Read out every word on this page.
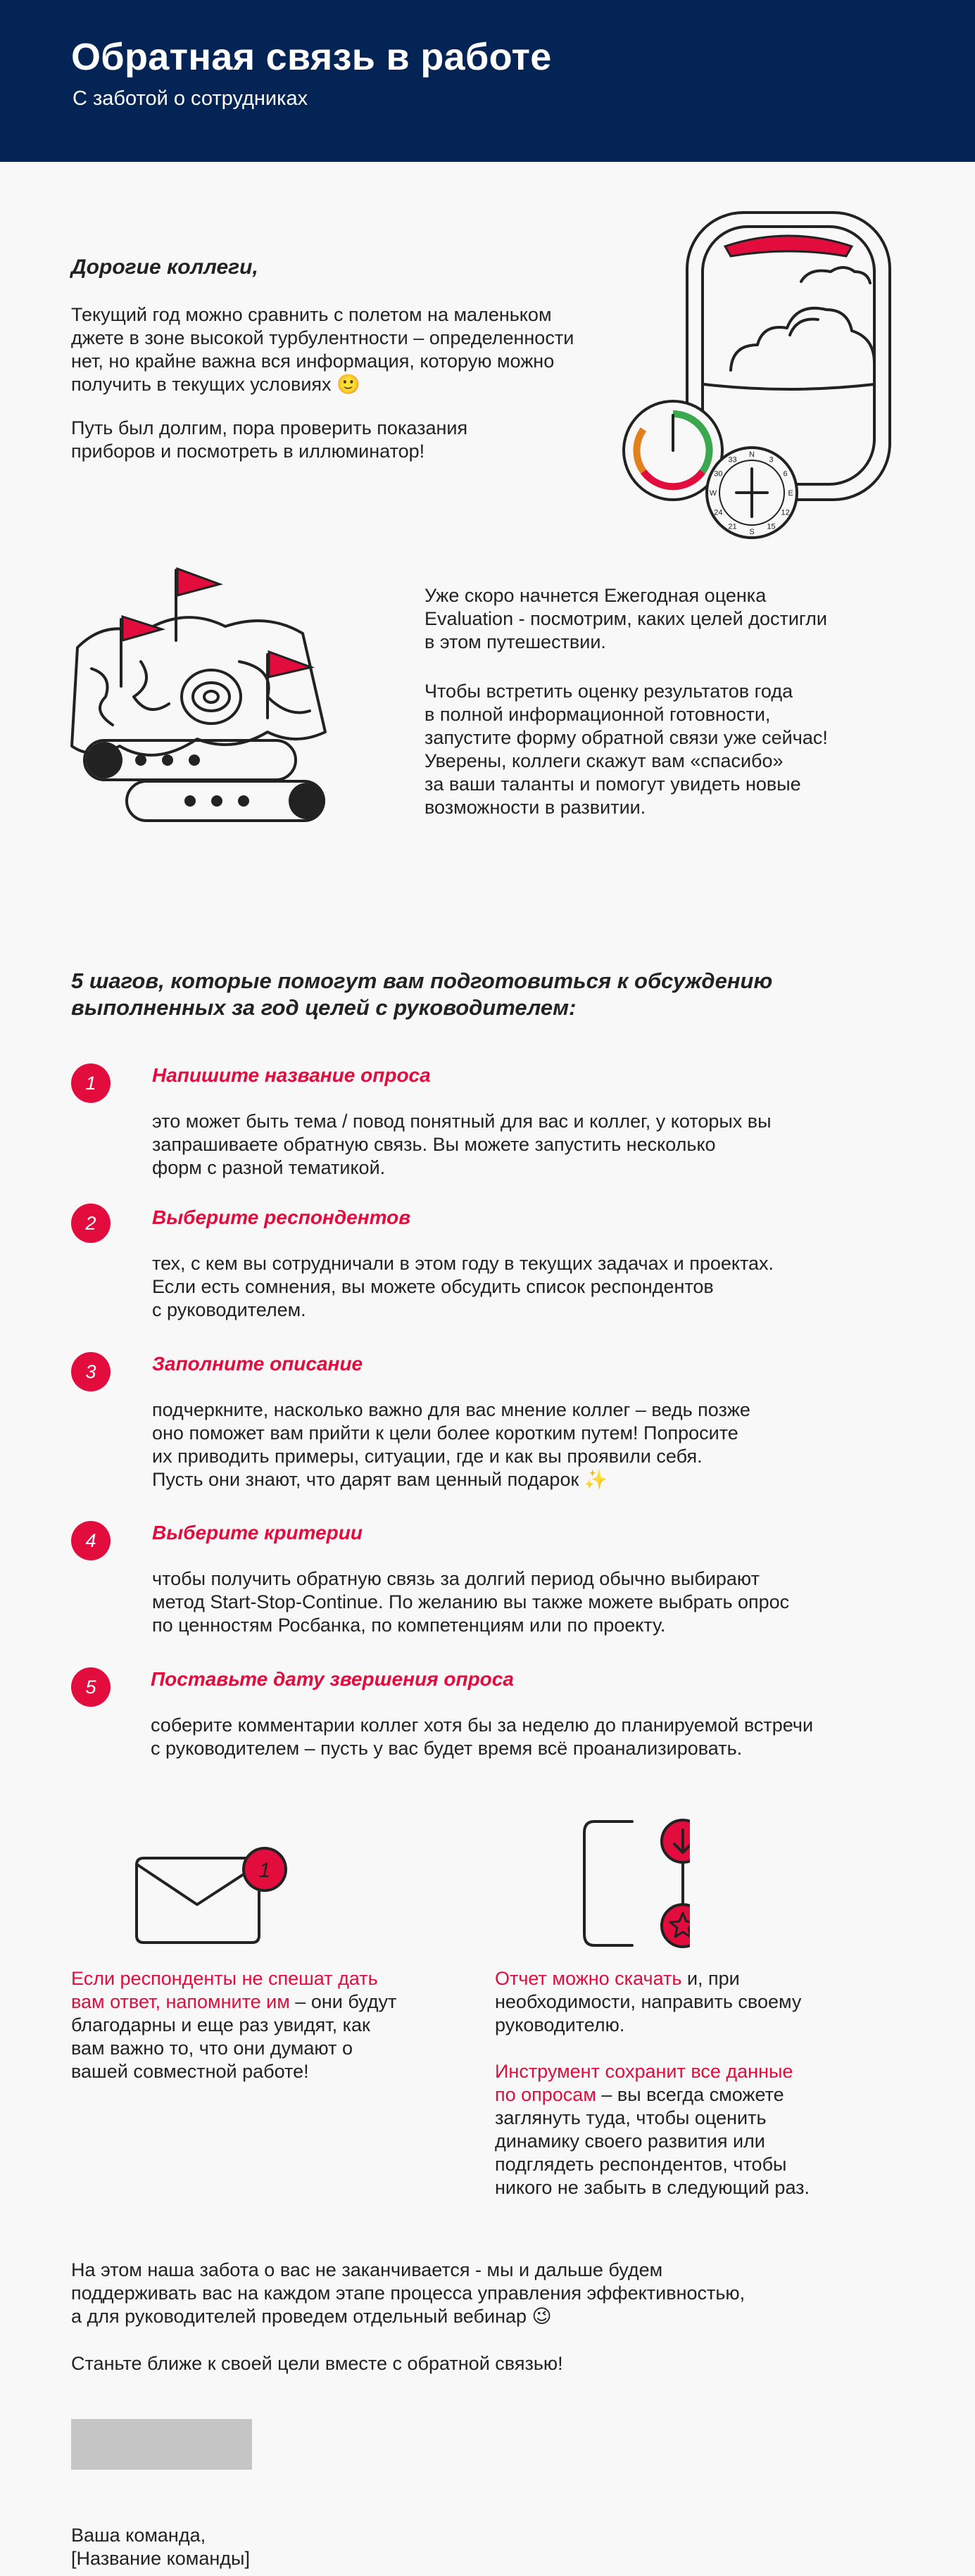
Обратная связь в работе
С заботой о сотрудниках
Дорогие коллеги,
Текущий год можно сравнить с полетом на маленьком
джете в зоне высокой турбулентности – определенности
нет, но крайне важна вся информация, которую можно
получить в текущих условиях 🙂
Путь был долгим, пора проверить показания
приборов и посмотреть в иллюминатор!	N
3
6
E
12
15
S
21
24
W
30
33
Уже скоро начнется Ежегодная оценка
Evaluation - посмотрим, каких целей достигли
в этом путешествии.
Чтобы встретить оценку результатов года
в полной информационной готовности,
запустите форму обратной связи уже сейчас!
Уверены, коллеги скажут вам «спасибо»
за ваши таланты и помогут увидеть новые
возможности в развитии.
5 шагов, которые помогут вам подготовиться к обсуждению
выполненных за год целей с руководителем:
1	Напишите название опроса
это может быть тема / повод понятный для вас и коллег, у которых вы
запрашиваете обратную связь. Вы можете запустить несколько
форм с разной тематикой.
2	Выберите респондентов
тех, с кем вы сотрудничали в этом году в текущих задачах и проектах.
Если есть сомнения, вы можете обсудить список респондентов
с руководителем.
3	Заполните описание
подчеркните, насколько важно для вас мнение коллег – ведь позже
оно поможет вам прийти к цели более коротким путем! Попросите
их приводить примеры, ситуации, где и как вы проявили себя.
Пусть они знают, что дарят вам ценный подарок ✨
4	Выберите критерии
чтобы получить обратную связь за долгий период обычно выбирают
метод Start-Stop-Continue. По желанию вы также можете выбрать опрос
по ценностям Росбанка, по компетенциям или по проекту.
5	Поставьте дату звершения опроса
соберите комментарии коллег хотя бы за неделю до планируемой встречи
с руководителем – пусть у вас будет время всё проанализировать.
1
Если респонденты не спешат дать
вам ответ, напомните им – они будут
благодарны и еще раз увидят, как
вам важно то, что они думают о
вашей совместной работе!
Отчет можно скачать и, при
необходимости, направить своему
руководителю.
Инструмент сохранит все данные
по опросам – вы всегда сможете
заглянуть туда, чтобы оценить
динамику своего развития или
подглядеть респондентов, чтобы
никого не забыть в следующий раз.
На этом наша забота о вас не заканчивается - мы и дальше будем
поддерживать вас на каждом этапе процесса управления эффективностью,
а для руководителей проведем отдельный вебинар 😉
Станьте ближе к своей цели вместе с обратной связью!
Ваша команда,
[Название команды]
